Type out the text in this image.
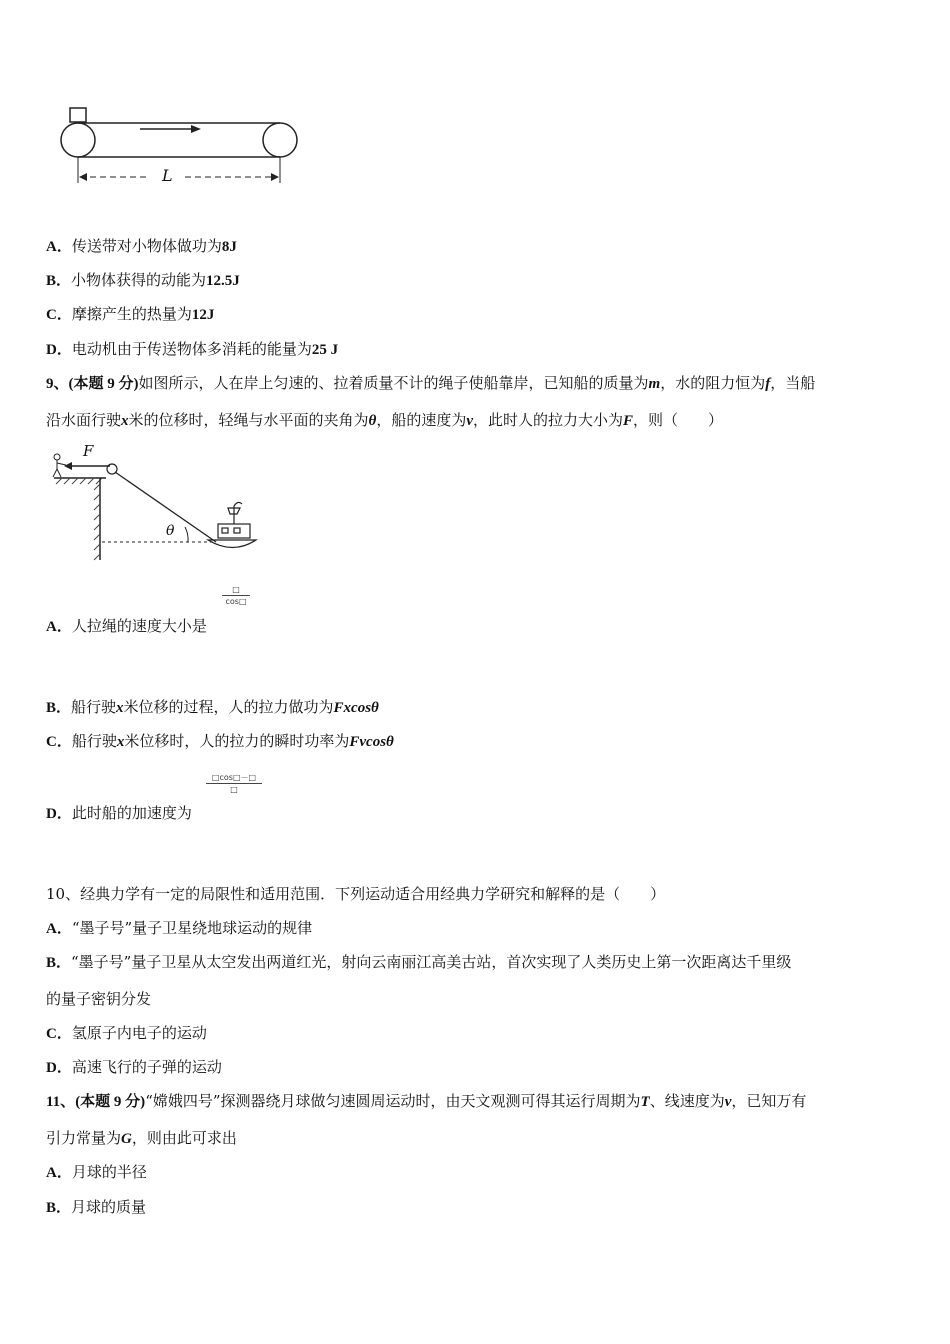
L
A．传送带对小物体做功为8J
B．小物体获得的动能为12.5J
C．摩擦产生的热量为12J
D．电动机由于传送物体多消耗的能量为25 J
9、(本题 9 分)如图所示，人在岸上匀速的、拉着质量不计的绳子使船靠岸，已知船的质量为m，水的阻力恒为f，当船
沿水面行驶x米的位移时，轻绳与水平面的夹角为θ，船的速度为v，此时人的拉力大小为F，则（　　）
F
θ
□
cos□
A．人拉绳的速度大小是
B．船行驶x米位移的过程，人的拉力做功为Fxcosθ
C．船行驶x米位移时，人的拉力的瞬时功率为Fvcosθ
□cos□－□
□
D．此时船的加速度为
10、经典力学有一定的局限性和适用范围．下列运动适合用经典力学研究和解释的是（　　）
A．“墨子号”量子卫星绕地球运动的规律
B．“墨子号”量子卫星从太空发出两道红光，射向云南丽江高美古站，首次实现了人类历史上第一次距离达千里级
的量子密钥分发
C．氢原子内电子的运动
D．高速飞行的子弹的运动
11、(本题 9 分)“嫦娥四号”探测器绕月球做匀速圆周运动时，由天文观测可得其运行周期为T、线速度为v，已知万有
引力常量为G，则由此可求出
A．月球的半径
B．月球的质量
